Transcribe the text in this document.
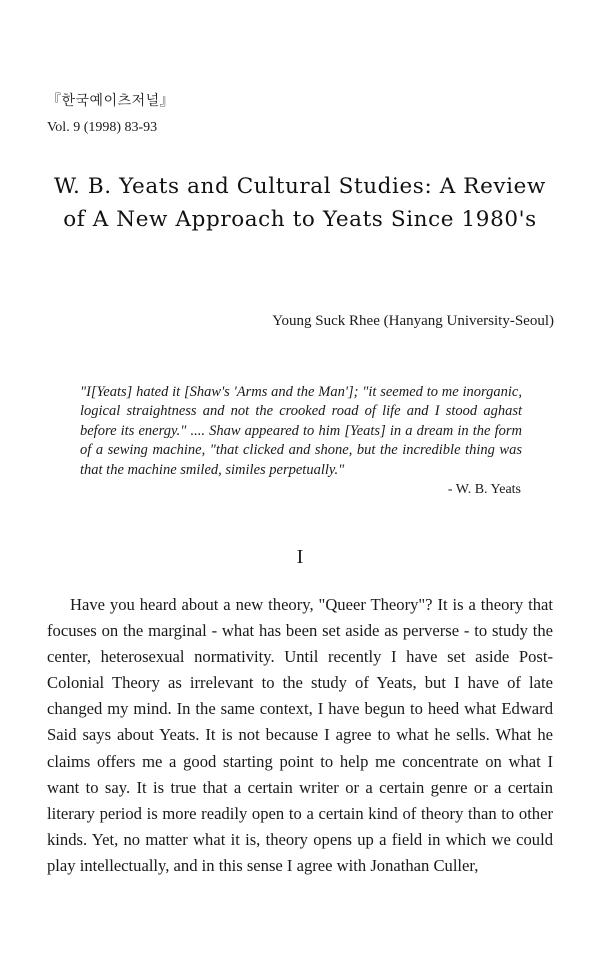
『한국예이츠저널』
Vol. 9 (1998) 83-93
W. B. Yeats and Cultural Studies: A Review of A New Approach to Yeats Since 1980's
Young Suck Rhee (Hanyang University-Seoul)
"I[Yeats] hated it [Shaw's 'Arms and the Man']; "it seemed to me inorganic, logical straightness and not the crooked road of life and I stood aghast before its energy." .... Shaw appeared to him [Yeats] in a dream in the form of a sewing machine, "that clicked and shone, but the incredible thing was that the machine smiled, similes perpetually."
- W. B. Yeats
I

Have you heard about a new theory, "Queer Theory"? It is a theory that focuses on the marginal - what has been set aside as perverse - to study the center, heterosexual normativity. Until recently I have set aside Post-Colonial Theory as irrelevant to the study of Yeats, but I have of late changed my mind. In the same context, I have begun to heed what Edward Said says about Yeats. It is not because I agree to what he sells. What he claims offers me a good starting point to help me concentrate on what I want to say. It is true that a certain writer or a certain genre or a certain literary period is more readily open to a certain kind of theory than to other kinds. Yet, no matter what it is, theory opens up a field in which we could play intellectually, and in this sense I agree with Jonathan Culler,
